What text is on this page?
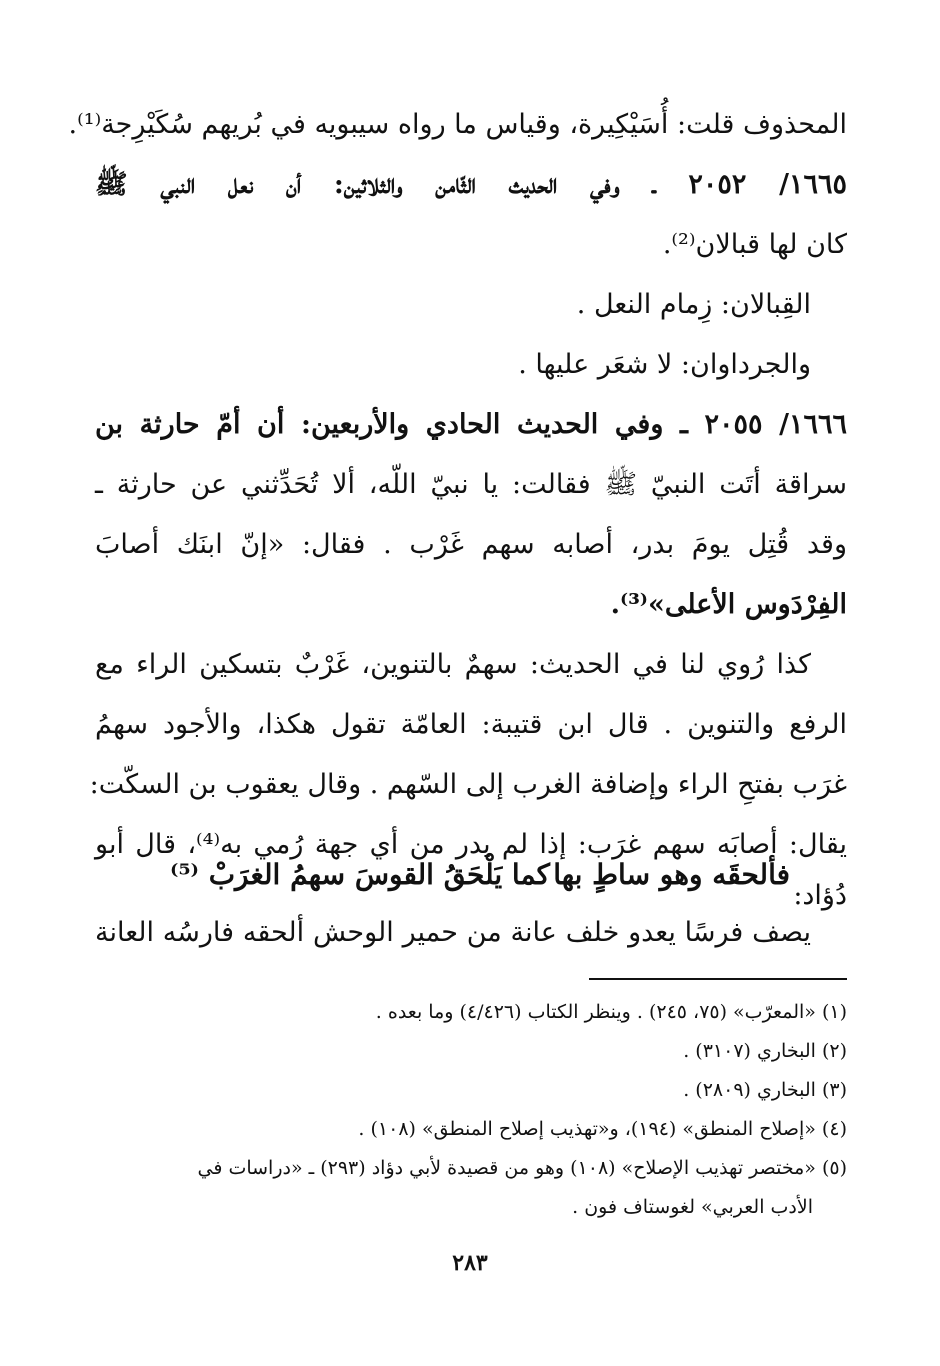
المحذوف قلت: أُسَيْكِيرة، وقياس ما رواه سيبويه في بُريهم سُكَيْرِجة⁽¹⁾.
١٦٦٥/ ٢٠٥٢ ـ وفي الحديث الثّامن والثلاثين: أن نعل النبي ﷺ
كان لها قبالان⁽²⁾.
القِبالان: زِمام النعل .
والجرداوان: لا شعَر عليها .
١٦٦٦/ ٢٠٥٥ ـ وفي الحديث الحادي والأربعين: أن أمّ حارثة بن
سراقة أتَت النبيّ ﷺ فقالت: يا نبيّ اللّه، ألا تُحَدِّثني عن حارثة ـ
وقد قُتِل يومَ بدر، أصابه سهم غَرْب . فقال: «إنّ ابنَك أصابَ
الفِرْدَوس الأعلى»⁽³⁾.
كذا رُوي لنا في الحديث: سهمٌ بالتنوين، غَرْبٌ بتسكين الراء مع
الرفع والتنوين . قال ابن قتيبة: العامّة تقول هكذا، والأجود سهمُ
غرَب بفتحِ الراء وإضافة الغرب إلى السّهم . وقال يعقوب بن السكّت:
يقال: أصابَه سهم غرَب: إذا لم يدر من أي جهة رُمي به⁽⁴⁾، قال أبو
دُؤاد:
فألحقَه وهو ساطٍ بها
كما يَلْحَقُ القوسَ سهمُ الغرَبْ ⁽⁵⁾
يصف فرسًا يعدو خلف عانة من حمير الوحش ألحقه فارسُه العانة
(١) «المعرّب» (٧٥، ٢٤٥) . وينظر الكتاب (٤/٤٢٦) وما بعده .
(٢) البخاري (٣١٠٧) .
(٣) البخاري (٢٨٠٩) .
(٤) «إصلاح المنطق» (١٩٤)، و«تهذيب إصلاح المنطق» (١٠٨) .
(٥) «مختصر تهذيب الإصلاح» (١٠٨) وهو من قصيدة لأبي دؤاد (٢٩٣) ـ «دراسات في
الأدب العربي» لغوستاف فون .
٢٨٣
